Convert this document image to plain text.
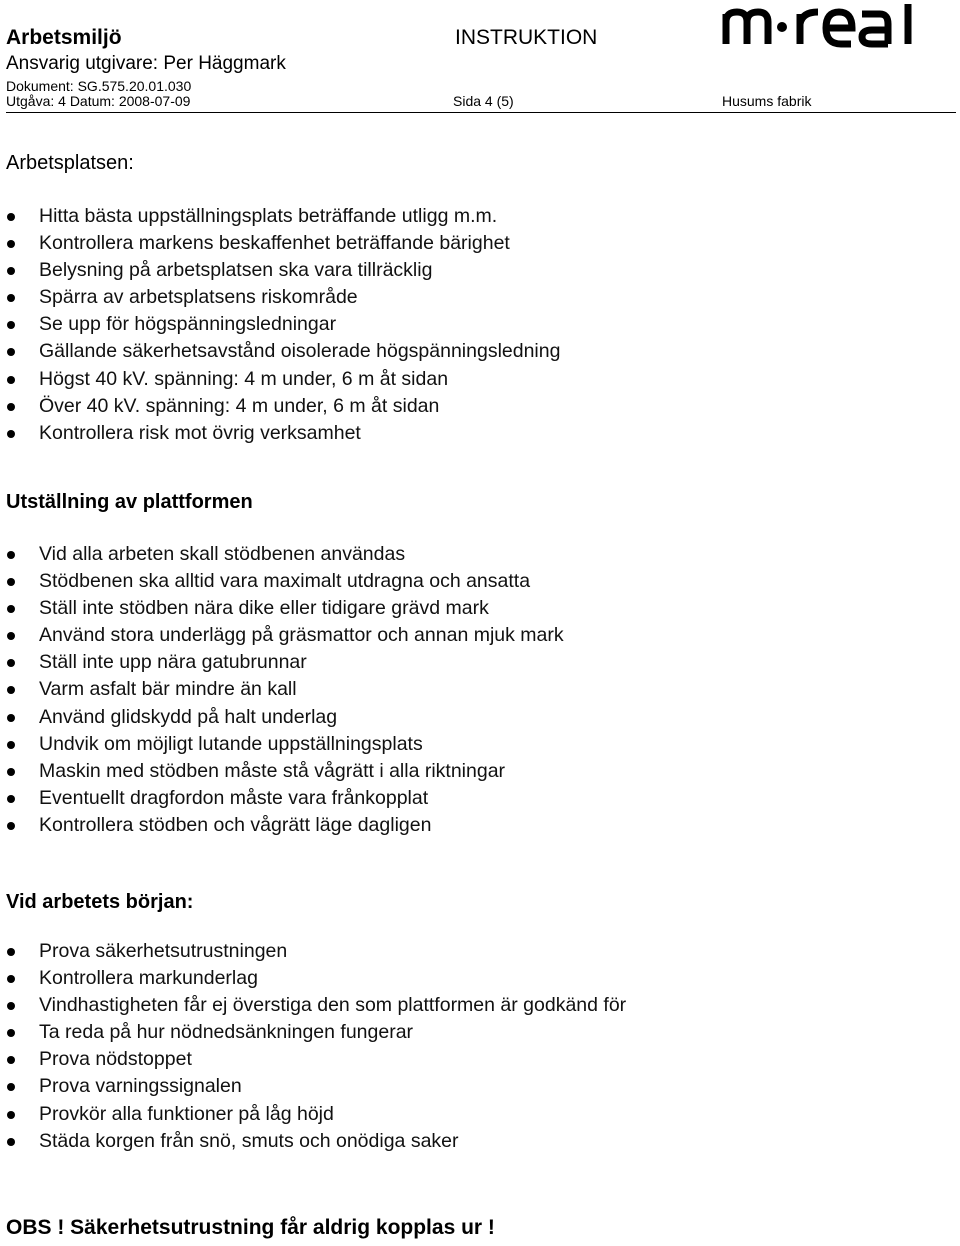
Arbetsmiljö
Ansvarig utgivare: Per Häggmark
Dokument: SG.575.20.01.030
Utgåva: 4 Datum: 2008-07-09
INSTRUKTION
Sida 4 (5)	Husums fabrik
Arbetsplatsen:
Hitta bästa uppställningsplats beträffande utligg m.m.
Kontrollera markens beskaffenhet beträffande bärighet
Belysning på arbetsplatsen ska vara tillräcklig
Spärra av arbetsplatsens riskområde
Se upp för högspänningsledningar
Gällande säkerhetsavstånd oisolerade högspänningsledning
Högst 40 kV. spänning: 4 m under, 6 m åt sidan
Över 40 kV. spänning: 4 m under, 6 m åt sidan
Kontrollera risk mot övrig verksamhet
Utställning av plattformen
Vid alla arbeten skall stödbenen användas
Stödbenen ska alltid vara maximalt utdragna och ansatta
Ställ inte stödben nära dike eller tidigare grävd mark
Använd stora underlägg på gräsmattor och annan mjuk mark
Ställ inte upp nära gatubrunnar
Varm asfalt bär mindre än kall
Använd glidskydd på halt underlag
Undvik om möjligt lutande uppställningsplats
Maskin med stödben måste stå vågrätt i alla riktningar
Eventuellt dragfordon måste vara frånkopplat
Kontrollera stödben och vågrätt läge dagligen
Vid arbetets början:
Prova säkerhetsutrustningen
Kontrollera markunderlag
Vindhastigheten får ej överstiga den som plattformen är godkänd för
Ta reda på hur nödnedsänkningen fungerar
Prova nödstoppet
Prova varningssignalen
Provkör alla funktioner på låg höjd
Städa korgen från snö, smuts och onödiga saker
OBS ! Säkerhetsutrustning får aldrig kopplas ur !
